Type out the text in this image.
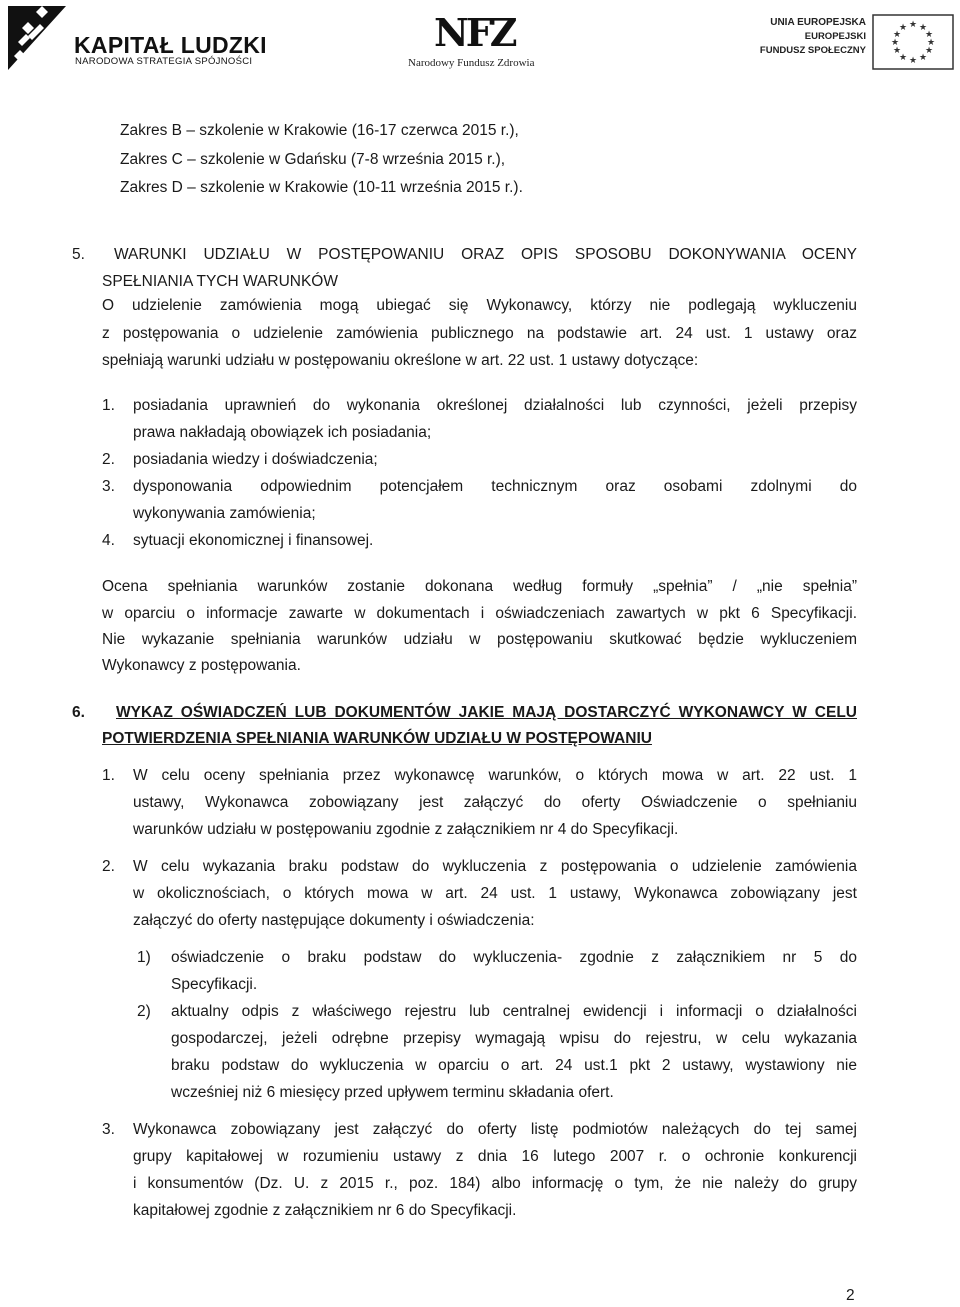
KAPITAŁ LUDZKI
NARODOWA STRATEGIA SPÓJNOŚCI
NFZ
Narodowy Fundusz Zdrowia
UNIA EUROPEJSKA
EUROPEJSKI
FUNDUSZ SPOŁECZNY
★ ★
★
★
★
★
★
★
★
★
★
★
Zakres B – szkolenie w Krakowie (16-17 czerwca 2015 r.),
Zakres C – szkolenie w Gdańsku (7-8 września 2015 r.),
Zakres D – szkolenie w Krakowie (10-11 września 2015 r.).
5. WARUNKI UDZIAŁU W POSTĘPOWANIU ORAZ OPIS SPOSOBU DOKONYWANIA OCENY
SPEŁNIANIA TYCH WARUNKÓW
O udzielenie zamówienia mogą ubiegać się Wykonawcy, którzy nie podlegają wykluczeniu
z postępowania o udzielenie zamówienia publicznego na podstawie art. 24 ust. 1 ustawy oraz
spełniają warunki udziału w postępowaniu określone w art. 22 ust. 1 ustawy dotyczące:
1. posiadania uprawnień do wykonania określonej działalności lub czynności, jeżeli przepisy
prawa nakładają obowiązek ich posiadania;
2. posiadania wiedzy i doświadczenia;
3. dysponowania odpowiednim potencjałem technicznym oraz osobami zdolnymi do
wykonywania zamówienia;
4. sytuacji ekonomicznej i finansowej.
Ocena spełniania warunków zostanie dokonana według formuły „spełnia” / „nie spełnia”
w oparciu o informacje zawarte w dokumentach i oświadczeniach zawartych w pkt 6 Specyfikacji.
Nie wykazanie spełniania warunków udziału w postępowaniu skutkować będzie wykluczeniem
Wykonawcy z postępowania.
6. WYKAZ OŚWIADCZEŃ LUB DOKUMENTÓW JAKIE MAJĄ DOSTARCZYĆ WYKONAWCY W CELU
POTWIERDZENIA SPEŁNIANIA WARUNKÓW UDZIAŁU W POSTĘPOWANIU
1. W celu oceny spełniania przez wykonawcę warunków, o których mowa w art. 22 ust. 1
ustawy, Wykonawca zobowiązany jest załączyć do oferty Oświadczenie o spełnianiu
warunków udziału w postępowaniu zgodnie z załącznikiem nr 4 do Specyfikacji.
2. W celu wykazania braku podstaw do wykluczenia z postępowania o udzielenie zamówienia
w okolicznościach, o których mowa w art. 24 ust. 1 ustawy, Wykonawca zobowiązany jest
załączyć do oferty następujące dokumenty i oświadczenia:
1) oświadczenie o braku podstaw do wykluczenia- zgodnie z załącznikiem nr 5 do
Specyfikacji.
2) aktualny odpis z właściwego rejestru lub centralnej ewidencji i informacji o działalności
gospodarczej, jeżeli odrębne przepisy wymagają wpisu do rejestru, w celu wykazania
braku podstaw do wykluczenia w oparciu o art. 24 ust.1 pkt 2 ustawy, wystawiony nie
wcześniej niż 6 miesięcy przed upływem terminu składania ofert.
3. Wykonawca zobowiązany jest załączyć do oferty listę podmiotów należących do tej samej
grupy kapitałowej w rozumieniu ustawy z dnia 16 lutego 2007 r. o ochronie konkurencji
i konsumentów (Dz. U. z 2015 r., poz. 184) albo informację o tym, że nie należy do grupy
kapitałowej zgodnie z załącznikiem nr 6 do Specyfikacji.
2
